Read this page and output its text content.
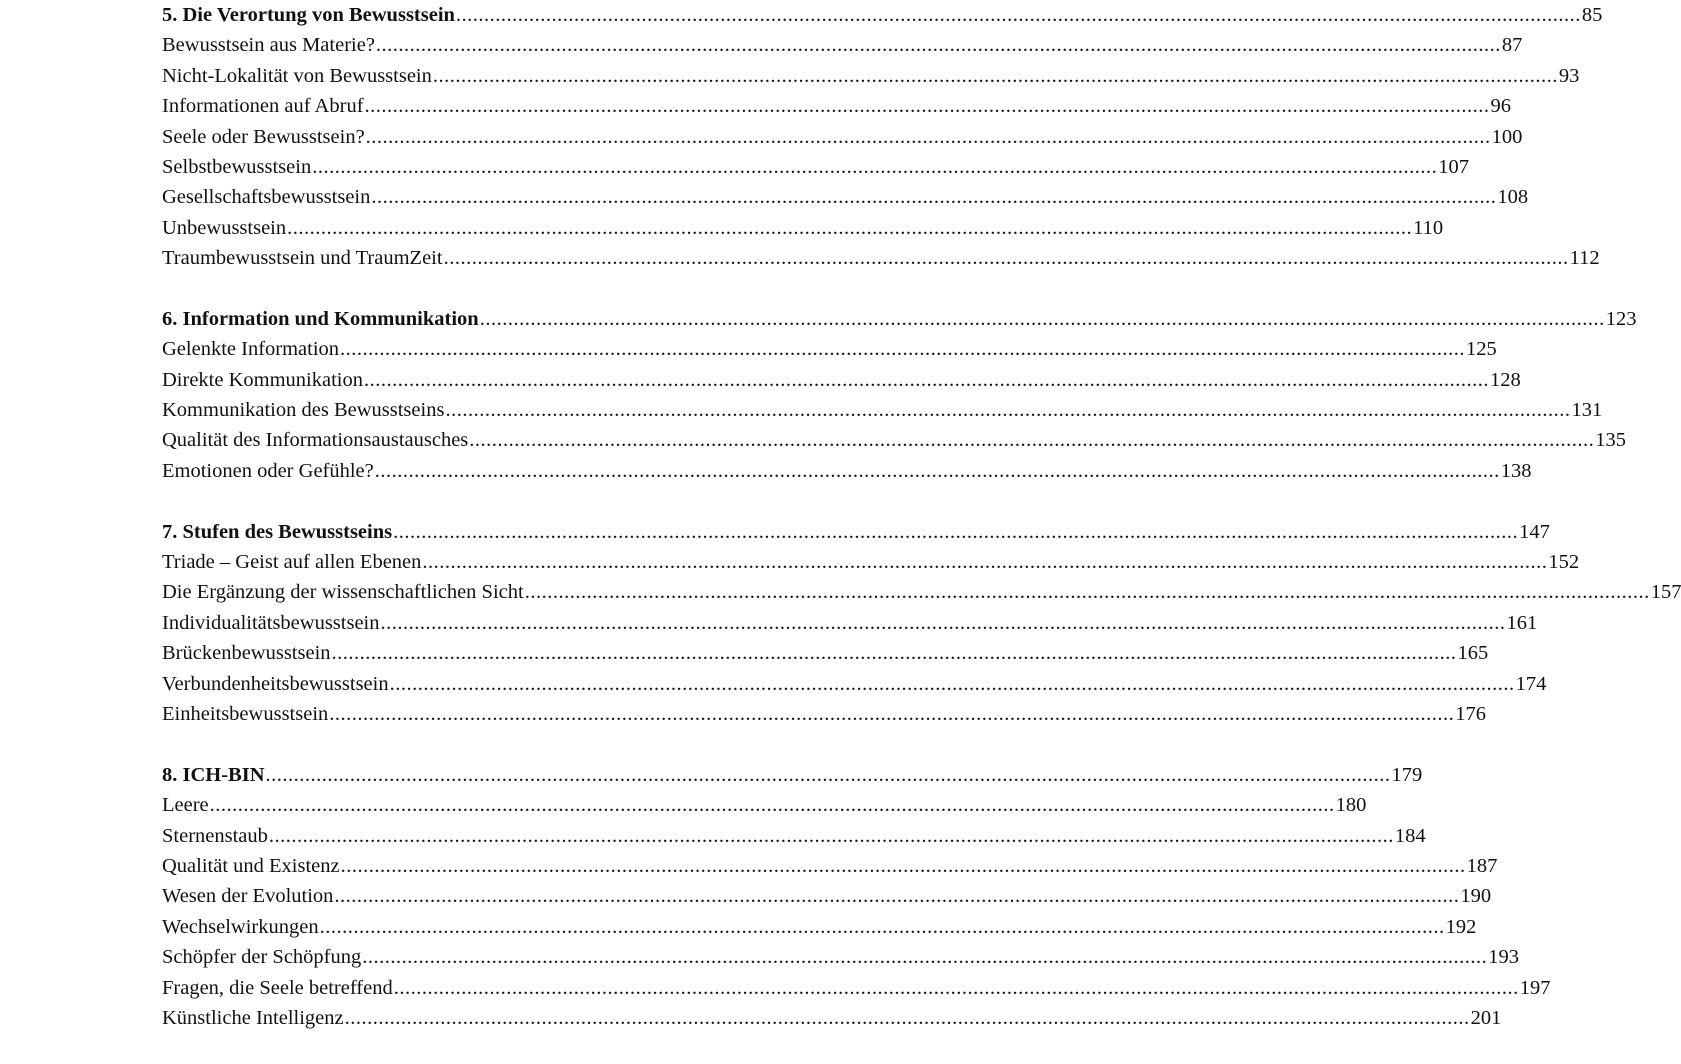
5. Die Verortung von Bewusstsein ........................................................................................................................................................................................................ 85
Bewusstsein aus Materie? ........................................................................................................................................................................................................ 87
Nicht-Lokalität von Bewusstsein ........................................................................................................................................................................................................ 93
Informationen auf Abruf ........................................................................................................................................................................................................ 96
Seele oder Bewusstsein? ........................................................................................................................................................................................................ 100
Selbstbewusstsein ........................................................................................................................................................................................................ 107
Gesellschaftsbewusstsein ........................................................................................................................................................................................................ 108
Unbewusstsein ........................................................................................................................................................................................................ 110
Traumbewusstsein und TraumZeit ........................................................................................................................................................................................................ 112
6. Information und Kommunikation ........................................................................................................................................................................................................ 123
Gelenkte Information ........................................................................................................................................................................................................ 125
Direkte Kommunikation ........................................................................................................................................................................................................ 128
Kommunikation des Bewusstseins ........................................................................................................................................................................................................ 131
Qualität des Informationsaustausches ........................................................................................................................................................................................................ 135
Emotionen oder Gefühle? ........................................................................................................................................................................................................ 138
7. Stufen des Bewusstseins ........................................................................................................................................................................................................ 147
Triade – Geist auf allen Ebenen ........................................................................................................................................................................................................ 152
Die Ergänzung der wissenschaftlichen Sicht ........................................................................................................................................................................................................ 157
Individualitätsbewusstsein ........................................................................................................................................................................................................ 161
Brückenbewusstsein ........................................................................................................................................................................................................ 165
Verbundenheitsbewusstsein ........................................................................................................................................................................................................ 174
Einheitsbewusstsein ........................................................................................................................................................................................................ 176
8. ICH-BIN ........................................................................................................................................................................................................ 179
Leere ........................................................................................................................................................................................................ 180
Sternenstaub ........................................................................................................................................................................................................ 184
Qualität und Existenz ........................................................................................................................................................................................................ 187
Wesen der Evolution ........................................................................................................................................................................................................ 190
Wechselwirkungen ........................................................................................................................................................................................................ 192
Schöpfer der Schöpfung ........................................................................................................................................................................................................ 193
Fragen, die Seele betreffend ........................................................................................................................................................................................................ 197
Künstliche Intelligenz ........................................................................................................................................................................................................ 201
